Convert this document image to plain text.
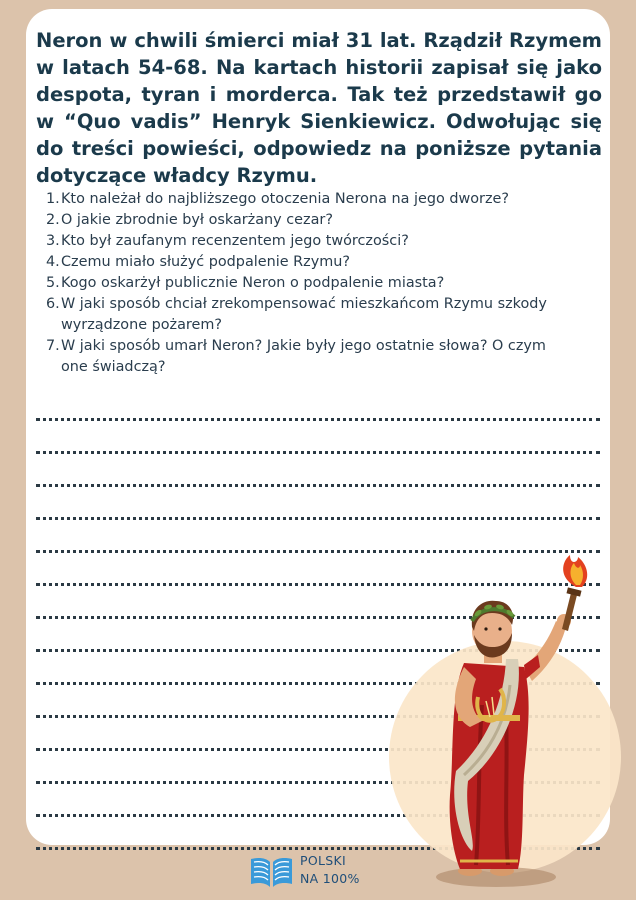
Neron w chwili śmierci miał 31 lat. Rządził Rzymem w latach 54-68. Na kartach historii zapisał się jako despota, tyran i morderca. Tak też przedstawił go w “Quo vadis” Henryk Sienkiewicz. Odwołując się do treści powieści, odpowiedz na poniższe pytania dotyczące władcy Rzymu.

1. Kto należał do najbliższego otoczenia Nerona na jego dworze?
2. O jakie zbrodnie był oskarżany cezar?
3. Kto był zaufanym recenzentem jego twórczości?
4. Czemu miało służyć podpalenie Rzymu?
5. Kogo oskarżył publicznie Neron o podpalenie miasta?
6. W jaki sposób chciał zrekompensować mieszkańcom Rzymu szkody wyrządzone pożarem?
7. W jaki sposób umarł Neron? Jakie były jego ostatnie słowa? O czym one świadczą?
POLSKI
NA 100%
